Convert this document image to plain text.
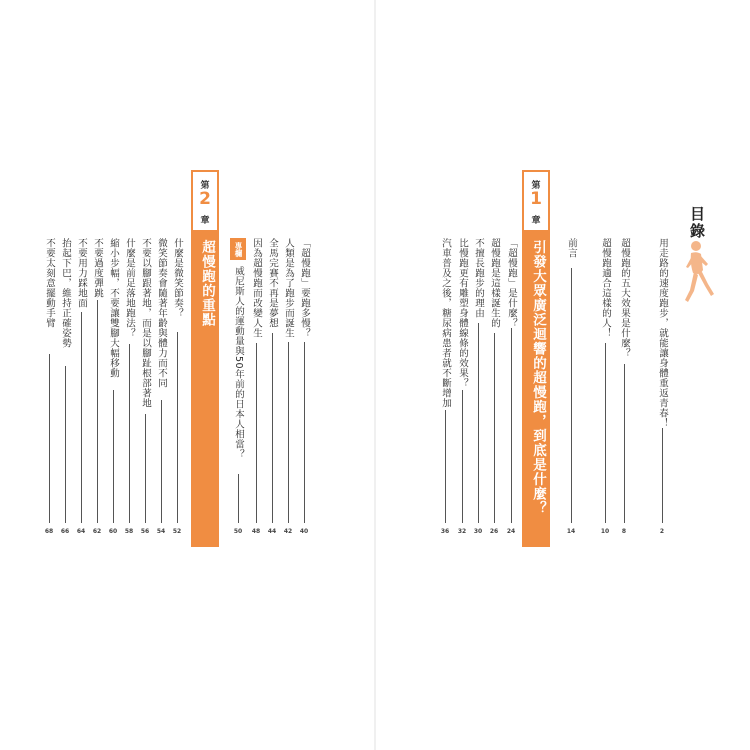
目錄
用走路的速度跑步，就能讓身體重返青春！
2
超慢跑的五大效果是什麼？
8
超慢跑適合這樣的人！
10
前言
14
第
1
章
引發大眾廣泛迴響的超慢跑，到底是什麼？
「超慢跑」是什麼？
24
超慢跑是這樣誕生的
26
不擅長跑步的理由
30
比慢跑更有雕塑身體線條的效果？
32
汽車普及之後，糖尿病患者就不斷增加
36
「超慢跑」要跑多慢？
40
人類是為了跑步而誕生
42
全馬完賽不再是夢想
44
因為超慢跑而改變人生
48
專欄
威尼斯人的運動量與50年前的日本人相當？
50
第
2
章
超慢跑的重點
什麼是微笑節奏？
52
微笑節奏會隨著年齡與體力而不同
54
不要以腳跟著地，而是以腳趾根部著地
56
什麼是前足落地跑法？
58
縮小步幅，不要讓雙腳大幅移動
60
不要過度彈跳
62
不要用力踩地面
64
抬起下巴，維持正確姿勢
66
不要太刻意擺動手臂
68
